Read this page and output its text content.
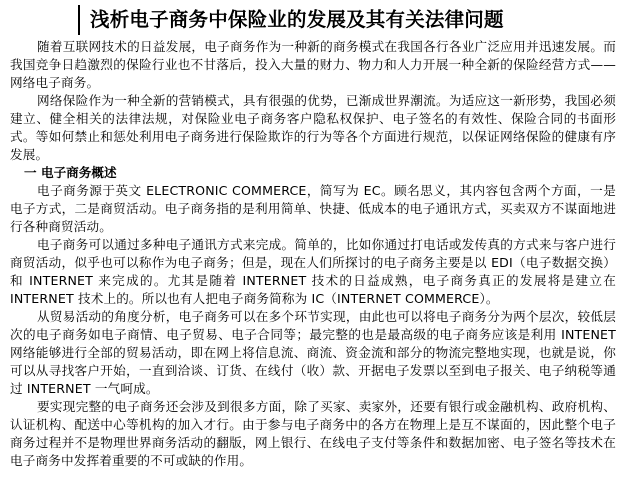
浅析电子商务中保险业的发展及其有关法律问题

随着互联网技术的日益发展，电子商务作为一种新的商务模式在我国各行各业广泛应用并迅速发展。而我国竞争日趋激烈的保险行业也不甘落后，投入大量的财力、物力和人力开展一种全新的保险经营方式——网络电子商务。

网络保险作为一种全新的营销模式，具有很强的优势，已渐成世界潮流。为适应这一新形势，我国必须建立、健全相关的法律法规，对保险业电子商务客户隐私权保护、电子签名的有效性、保险合同的书面形式。等如何禁止和惩处利用电子商务进行保险欺诈的行为等各个方面进行规范，以保证网络保险的健康有序发展。

一 电子商务概述

电子商务源于英文 ELECTRONIC COMMERCE，简写为 EC。顾名思义，其内容包含两个方面，一是电子方式，二是商贸活动。电子商务指的是利用简单、快捷、低成本的电子通讯方式，买卖双方不谋面地进行各种商贸活动。

电子商务可以通过多种电子通讯方式来完成。简单的，比如你通过打电话或发传真的方式来与客户进行商贸活动，似乎也可以称作为电子商务；但是，现在人们所探讨的电子商务主要是以 EDI（电子数据交换）和 INTERNET 来完成的。尤其是随着 INTERNET 技术的日益成熟，电子商务真正的发展将是建立在 INTERNET 技术上的。所以也有人把电子商务简称为 IC（INTERNET COMMERCE）。

从贸易活动的角度分析，电子商务可以在多个环节实现，由此也可以将电子商务分为两个层次，较低层次的电子商务如电子商情、电子贸易、电子合同等；最完整的也是最高级的电子商务应该是利用 INTENET 网络能够进行全部的贸易活动，即在网上将信息流、商流、资金流和部分的物流完整地实现，也就是说，你可以从寻找客户开始，一直到洽谈、订货、在线付（收）款、开据电子发票以至到电子报关、电子纳税等通过 INTERNET 一气呵成。

要实现完整的电子商务还会涉及到很多方面，除了买家、卖家外，还要有银行或金融机构、政府机构、认证机构、配送中心等机构的加入才行。由于参与电子商务中的各方在物理上是互不谋面的，因此整个电子商务过程并不是物理世界商务活动的翻版，网上银行、在线电子支付等条件和数据加密、电子签名等技术在电子商务中发挥着重要的不可或缺的作用。
